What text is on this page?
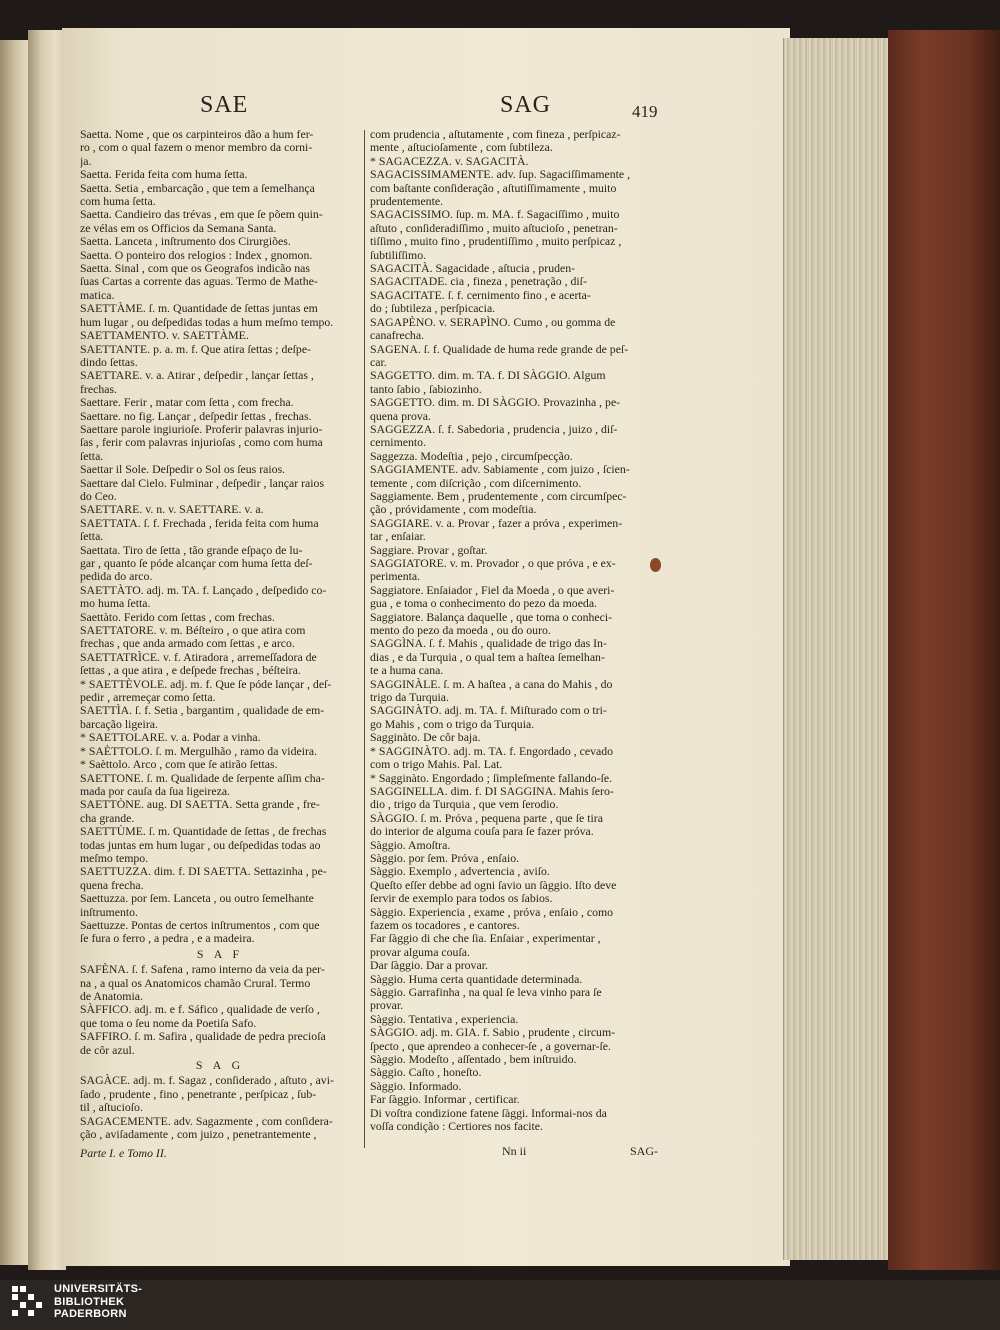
SAE	SAG	419
Saetta. Nome , que os carpinteiros dão a hum fer-
ro , com o qual fazem o menor membro da corni-
ja.
Saetta. Ferida feita com huma ſetta.
Saetta. Setia , embarcação , que tem a ſemelhança
com huma ſetta.
Saetta. Candieiro das trévas , em que ſe põem quin-
ze vélas em os Officios da Semana Santa.
Saetta. Lanceta , inſtrumento dos Cirurgiões.
Saetta. O ponteiro dos relogios : Index , gnomon.
Saetta. Sinal , com que os Geografos indicão nas
ſuas Cartas a corrente das aguas. Termo de Mathe-
matica.
SAETTÀME. ſ. m. Quantidade de ſettas juntas em
hum lugar , ou deſpedidas todas a hum meſmo tempo.
SAETTAMENTO. v. SAETTÀME.
SAETTANTE. p. a. m. f. Que atira ſettas ; deſpe-
dindo ſettas.
SAETTARE. v. a. Atirar , deſpedir , lançar ſettas ,
frechas.
Saettare. Ferir , matar com ſetta , com frecha.
Saettare. no fig. Lançar , deſpedir ſettas , frechas.
Saettare parole ingiurioſe. Proferir palavras injurio-
ſas , ferir com palavras injurioſas , como com huma
ſetta.
Saettar il Sole. Deſpedir o Sol os ſeus raios.
Saettare dal Cielo. Fulminar , deſpedir , lançar raios
do Ceo.
SAETTARE. v. n. v. SAETTARE. v. a.
SAETTATA. ſ. f. Frechada , ferida feita com huma
ſetta.
Saettata. Tiro de ſetta , tão grande eſpaço de lu-
gar , quanto ſe póde alcançar com huma ſetta deſ-
pedida do arco.
SAETTÀTO. adj. m. TA. f. Lançado , deſpedido co-
mo huma ſetta.
Saettàto. Ferido com ſettas , com frechas.
SAETTATORE. v. m. Béſteiro , o que atira com
frechas , que anda armado com ſettas , e arco.
SAETTATRÌCE. v. f. Atiradora , arremeſſadora de
ſettas , a que atira , e deſpede frechas , béſteira.
* SAETTÈVOLE. adj. m. f. Que ſe póde lançar , deſ-
pedir , arremeçar como ſetta.
SAETTÌA. ſ. f. Setia , bargantim , qualidade de em-
barcação ligeira.
* SAETTOLARE. v. a. Podar a vinha.
* SAÈTTOLO. ſ. m. Mergulhão , ramo da videira.
* Saèttolo. Arco , com que ſe atirão ſettas.
SAETTONE. ſ. m. Qualidade de ſerpente aſſim cha-
mada por cauſa da ſua ligeireza.
SAETTÒNE. aug. DI SAETTA. Setta grande , fre-
cha grande.
SAETTÙME. ſ. m. Quantidade de ſettas , de frechas
todas juntas em hum lugar , ou deſpedidas todas ao
meſmo tempo.
SAETTUZZA. dim. f. DI SAETTA. Settazinha , pe-
quena frecha.
Saettuzza. por ſem. Lanceta , ou outro ſemelhante
inſtrumento.
Saettuzze. Pontas de certos inſtrumentos , com que
ſe fura o ferro , a pedra , e a madeira.
S A F
SAFÈNA. ſ. f. Safena , ramo interno da veia da per-
na , a qual os Anatomicos chamão Crural. Termo
de Anatomia.
SÀFFICO. adj. m. e f. Sáfico , qualidade de verſo ,
que toma o ſeu nome da Poetiſa Safo.
SAFFIRO. ſ. m. Safira , qualidade de pedra precioſa
de côr azul.
S A G
SAGÀCE. adj. m. f. Sagaz , conſiderado , aſtuto , avi-
ſado , prudente , fino , penetrante , perſpicaz , ſub-
til , aſtucioſo.
SAGACEMENTE. adv. Sagazmente , com conſidera-
ção , aviſadamente , com juizo , penetrantemente ,
Parte I. e Tomo II.
com prudencia , aſtutamente , com fineza , perſpicaz-
mente , aſtucioſamente , com ſubtileza.
* SAGACEZZA. v. SAGACITÀ.
SAGACISSIMAMENTE. adv. ſup. Sagaciſſimamente ,
com baſtante conſideração , aſtutiſſimamente , muito
prudentemente.
SAGACISSIMO. ſup. m. MA. f. Sagaciſſimo , muito
aſtuto , conſideradiſſimo , muito aſtucioſo , penetran-
tiſſimo , muito fino , prudentiſſimo , muito perſpicaz ,
ſubtiliſſimo.
SAGACITÀ. Sagacidade , aſtucia , pruden-
SAGACITADE. cia , fineza , penetração , diſ-
SAGACITATE. ſ. f. cernimento fino , e acerta-
do ; ſubtileza , perſpicacia.
SAGAPÈNO. v. SERAPÌNO. Cumo , ou gomma de
canafrecha.
SAGENA. ſ. f. Qualidade de huma rede grande de peſ-
car.
SAGGETTO. dim. m. TA. f. DI SÀGGIO. Algum
tanto ſabio , ſabiozinho.
SAGGETTO. dim. m. DI SÀGGIO. Provazinha , pe-
quena prova.
SAGGEZZA. ſ. f. Sabedoria , prudencia , juizo , diſ-
cernimento.
Saggezza. Modeſtia , pejo , circumſpecção.
SAGGIAMENTE. adv. Sabiamente , com juizo , ſcien-
temente , com diſcrição , com diſcernimento.
Saggiamente. Bem , prudentemente , com circumſpec-
ção , próvidamente , com modeſtia.
SAGGIARE. v. a. Provar , fazer a próva , experimen-
tar , enſaiar.
Saggiare. Provar , goſtar.
SAGGIATORE. v. m. Provador , o que próva , e ex-
perimenta.
Saggiatore. Enſaiador , Fiel da Moeda , o que averi-
gua , e toma o conhecimento do pezo da moeda.
Saggiatore. Balança daquelle , que toma o conheci-
mento do pezo da moeda , ou do ouro.
SAGGÌNA. ſ. f. Mahis , qualidade de trigo das In-
dias , e da Turquia , o qual tem a haſtea ſemelhan-
te a huma cana.
SAGGINÀLE. ſ. m. A haſtea , a cana do Mahis , do
trigo da Turquia.
SAGGINÀTO. adj. m. TA. f. Miſturado com o tri-
go Mahis , com o trigo da Turquia.
Sagginàto. De côr baja.
* SAGGINÀTO. adj. m. TA. f. Engordado , cevado
com o trigo Mahis. Pal. Lat.
* Sagginàto. Engordado ; ſimpleſmente fallando-ſe.
SAGGINELLA. dim. f. DI SAGGINA. Mahis ſero-
dio , trigo da Turquia , que vem ſerodio.
SÀGGIO. ſ. m. Próva , pequena parte , que ſe tira
do interior de alguma couſa para ſe fazer próva.
Sàggio. Amoſtra.
Sàggio. por ſem. Próva , enſaio.
Sàggio. Exemplo , advertencia , aviſo.
Queſto eſſer debbe ad ogni ſavio un ſàggio. Iſto deve
ſervir de exemplo para todos os ſabios.
Sàggio. Experiencia , exame , próva , enſaio , como
fazem os tocadores , e cantores.
Far ſàggio di che che ſia. Enſaiar , experimentar ,
provar alguma couſa.
Dar ſàggio. Dar a provar.
Sàggio. Huma certa quantidade determinada.
Sàggio. Garrafinha , na qual ſe leva vinho para ſe
provar.
Sàggio. Tentativa , experiencia.
SÀGGIO. adj. m. GIA. f. Sabio , prudente , circum-
ſpecto , que aprendeo a conhecer-ſe , a governar-ſe.
Sàggio. Modeſto , aſſentado , bem inſtruido.
Sàggio. Caſto , honeſto.
Sàggio. Informado.
Far ſàggio. Informar , certificar.
Di voſtra condizione fatene ſàggi. Informai-nos da
voſſa condição : Certiores nos facite.
Nn ii	SAG-
UNIVERSITÄTS-
BIBLIOTHEK
PADERBORN
